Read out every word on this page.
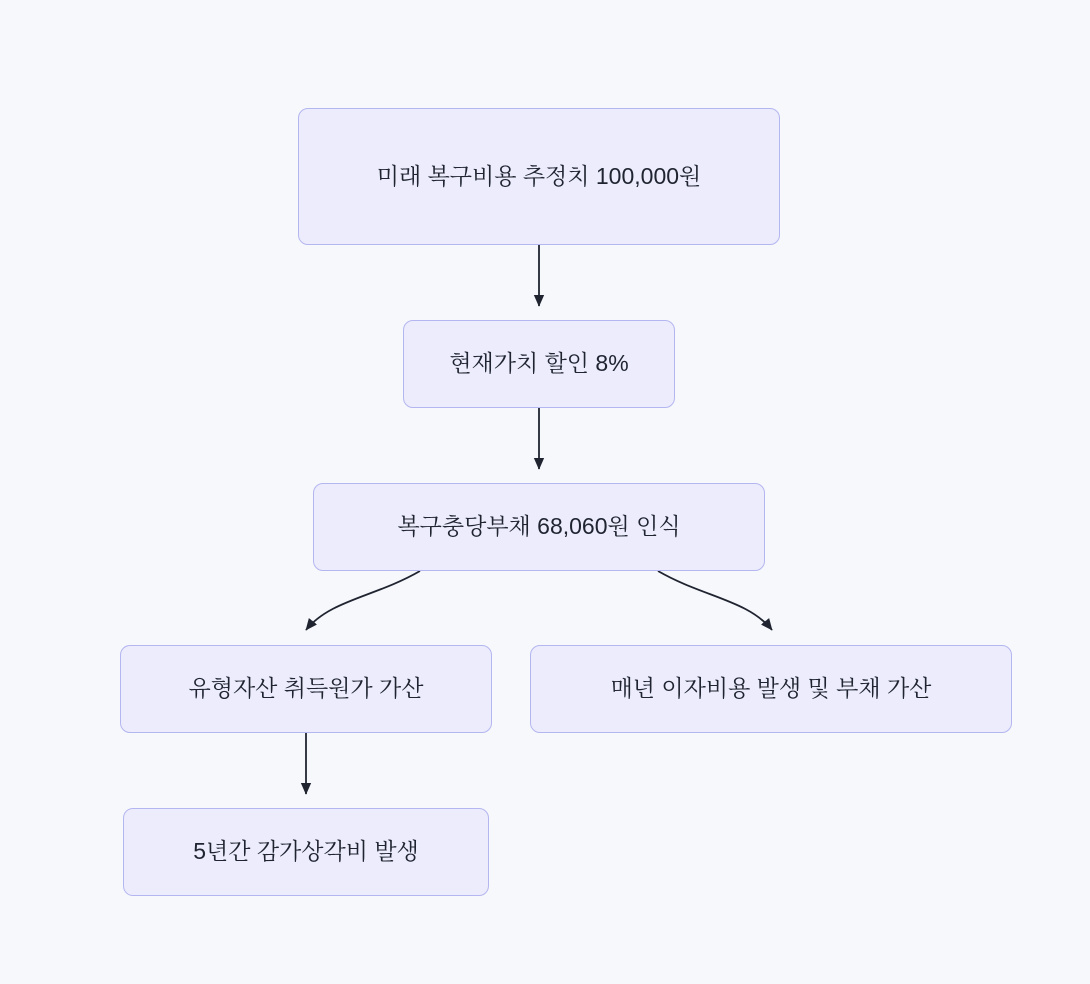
미래 복구비용 추정치 100,000원
현재가치 할인 8%
복구충당부채 68,060원 인식
유형자산 취득원가 가산	매년 이자비용 발생 및 부채 가산
5년간 감가상각비 발생
